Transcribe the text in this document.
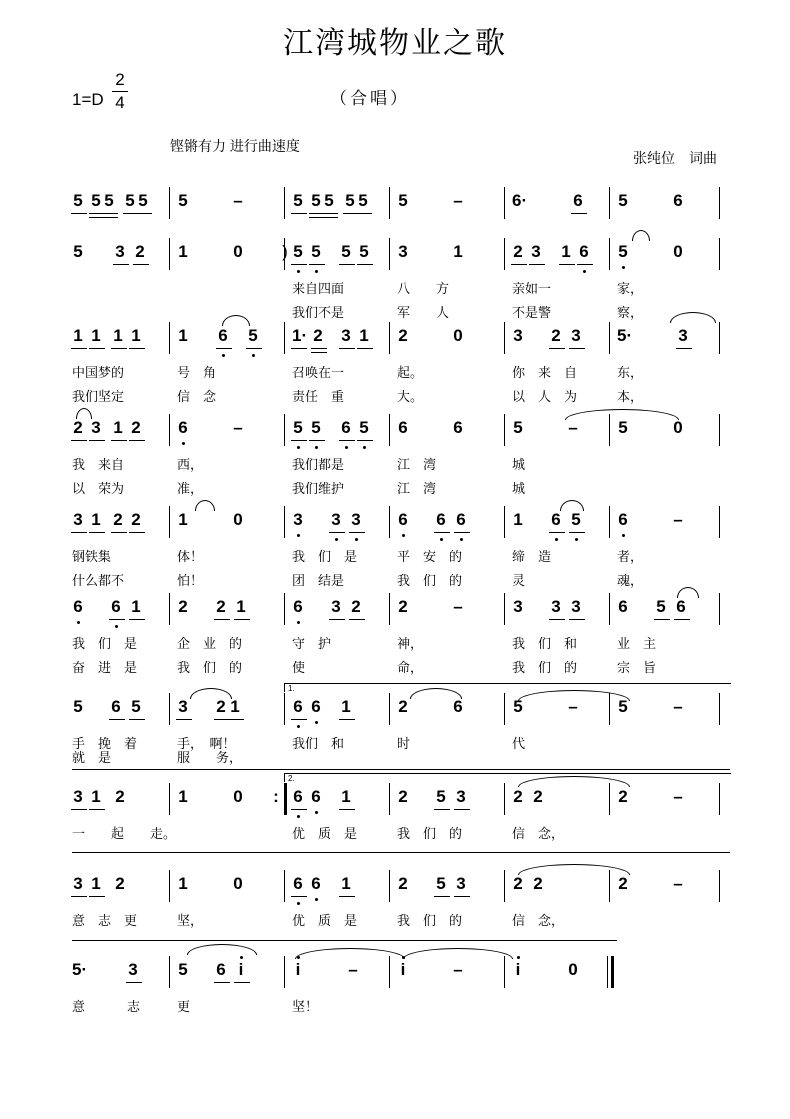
江湾城物业之歌
1=D
2
4	（合唱）
铿锵有力 进行曲速度
张纯位　词曲
5 5 5 5 5 5	–	5 5 5 5 5 5	–	6·	6 5	6
5 3 2 1	0 ) 5 5 5 5 3	1	2 3 1 6 5	0
来自四面	八　　方	亲如一	家，
我们不是	军　　人	不是警	察，
1 1 1 1 1 6 5 1· 2 3 1 2	0	3 2 3 5·	3
中国梦的	号　角	召唤在一	起。	你　来　自	东，
我们坚定	信　念	责任　重	大。	以　人　为	本，
2 3 1 2 6	–	5 5 6 5 6	6	5	– 5	0
我　来自	西，	我们都是	江　湾	城
以　荣为	准，	我们维护	江　湾	城
3 1 2 2 1	0	3 3 3 6 6 6	1 6 5 6	–
钢铁集	体！	我　们　是	平　安　的	缔　造	者，
什么都不	怕！	团　结是	我　们　的	灵	魂，
6 6 1 2 2 1	6 3 2 2	–	3 3 3 6 5 6
我　们　是	企　业　的	守　护	神，	我　们　和	业　主
奋　进　是	我　们　的	使	命，	我　们　的	宗　旨
5 6 5 3 2 1	6 6 1	2	6	5	– 5	–
手　挽　着	手，　啊！	我们　和	时	代
就　是	服　　务，
1.
3 1 2	1	0 : 6 6 1	2 5 3	2 2	2	–
一　　起　　走。	优　质　是	我　们　的	信　念，
2.
3 1 2	1	0	6 6 1	2 5 3	2 2	2	–
意　志　更	坚，	优　质　是	我　们　的	信　念，
5· 3 5 6 i	i	–	i	–	i	0
意	志	更	坚！
